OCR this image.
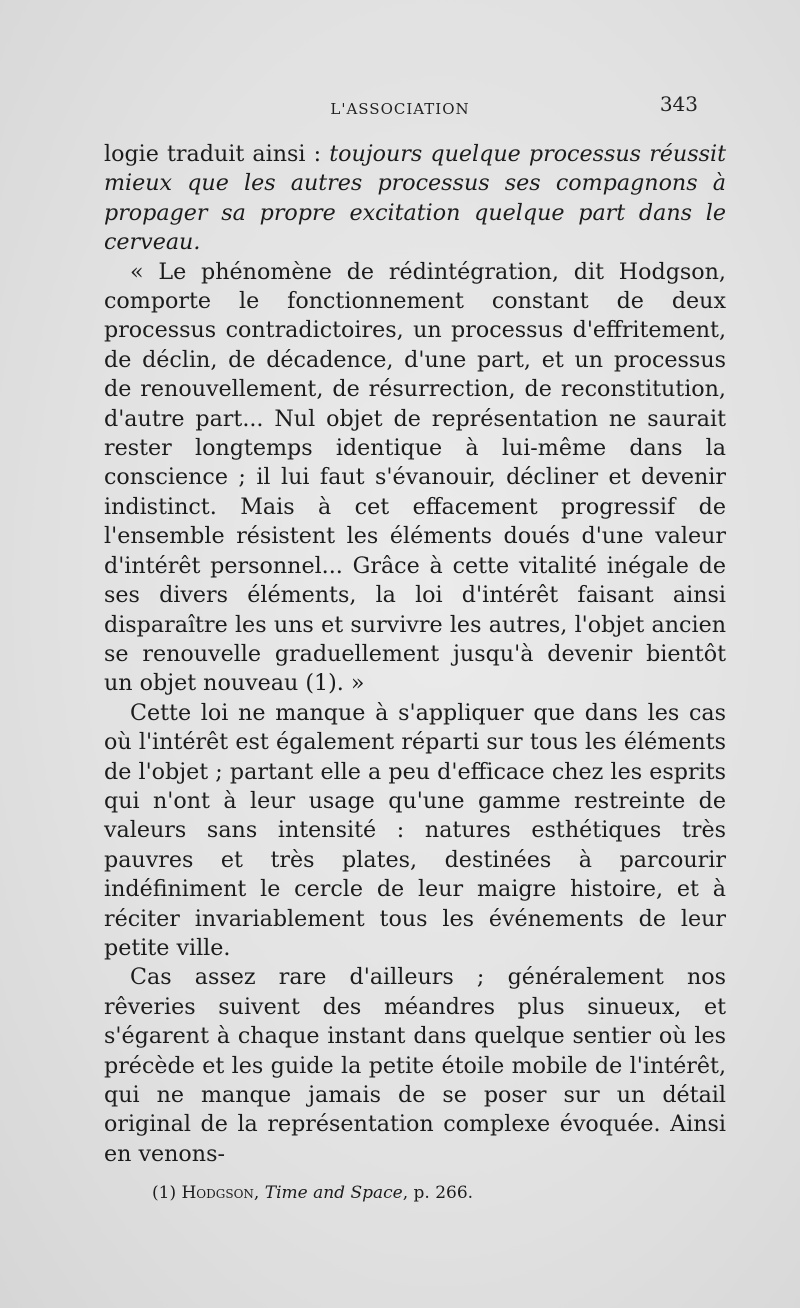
L'ASSOCIATION	343

logie traduit ainsi : toujours quelque processus réussit mieux que les autres processus ses compagnons à propager sa propre excitation quelque part dans le cerveau.

« Le phénomène de rédintégration, dit Hodgson, comporte le fonctionnement constant de deux processus contradictoires, un processus d'effritement, de déclin, de décadence, d'une part, et un processus de renouvellement, de résurrection, de reconstitution, d'autre part... Nul objet de représentation ne saurait rester longtemps identique à lui-même dans la conscience ; il lui faut s'évanouir, décliner et devenir indistinct. Mais à cet effacement progressif de l'ensemble résistent les éléments doués d'une valeur d'intérêt personnel... Grâce à cette vitalité inégale de ses divers éléments, la loi d'intérêt faisant ainsi disparaître les uns et survivre les autres, l'objet ancien se renouvelle graduellement jusqu'à devenir bientôt un objet nouveau (1). »

Cette loi ne manque à s'appliquer que dans les cas où l'intérêt est également réparti sur tous les éléments de l'objet ; partant elle a peu d'efficace chez les esprits qui n'ont à leur usage qu'une gamme restreinte de valeurs sans intensité : natures esthétiques très pauvres et très plates, destinées à parcourir indéfiniment le cercle de leur maigre histoire, et à réciter invariablement tous les événements de leur petite ville.

Cas assez rare d'ailleurs ; généralement nos rêveries suivent des méandres plus sinueux, et s'égarent à chaque instant dans quelque sentier où les précède et les guide la petite étoile mobile de l'intérêt, qui ne manque jamais de se poser sur un détail original de la représentation complexe évoquée. Ainsi en venons-

(1) Hodgson, Time and Space, p. 266.
